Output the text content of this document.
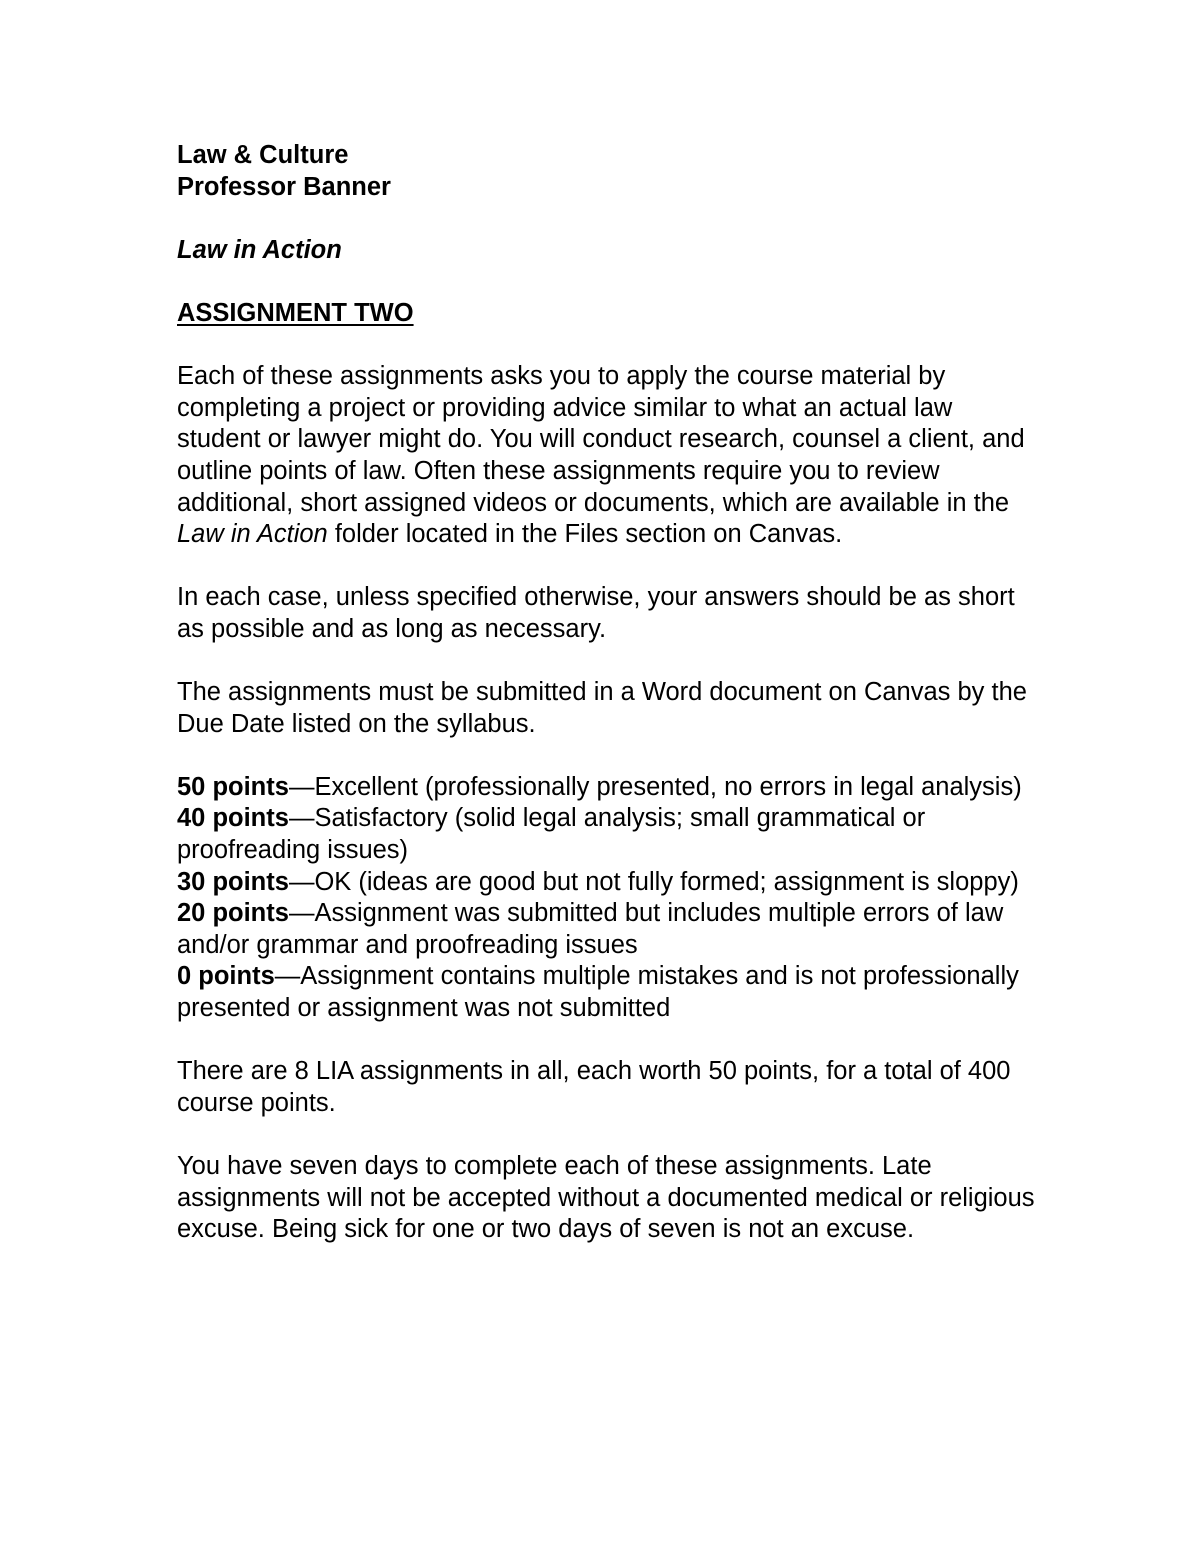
Law & Culture

Professor Banner

Law in Action

ASSIGNMENT TWO

Each of these assignments asks you to apply the course material by completing a project or providing advice similar to what an actual law student or lawyer might do. You will conduct research, counsel a client, and outline points of law. Often these assignments require you to review additional, short assigned videos or documents, which are available in the Law in Action folder located in the Files section on Canvas.

In each case, unless specified otherwise, your answers should be as short as possible and as long as necessary.

The assignments must be submitted in a Word document on Canvas by the Due Date listed on the syllabus.

50 points—Excellent (professionally presented, no errors in legal analysis)

40 points—Satisfactory (solid legal analysis; small grammatical or proofreading issues)

30 points—OK (ideas are good but not fully formed; assignment is sloppy)

20 points—Assignment was submitted but includes multiple errors of law and/or grammar and proofreading issues

0 points—Assignment contains multiple mistakes and is not professionally presented or assignment was not submitted

There are 8 LIA assignments in all, each worth 50 points, for a total of 400 course points.

You have seven days to complete each of these assignments. Late assignments will not be accepted without a documented medical or religious excuse. Being sick for one or two days of seven is not an excuse.
